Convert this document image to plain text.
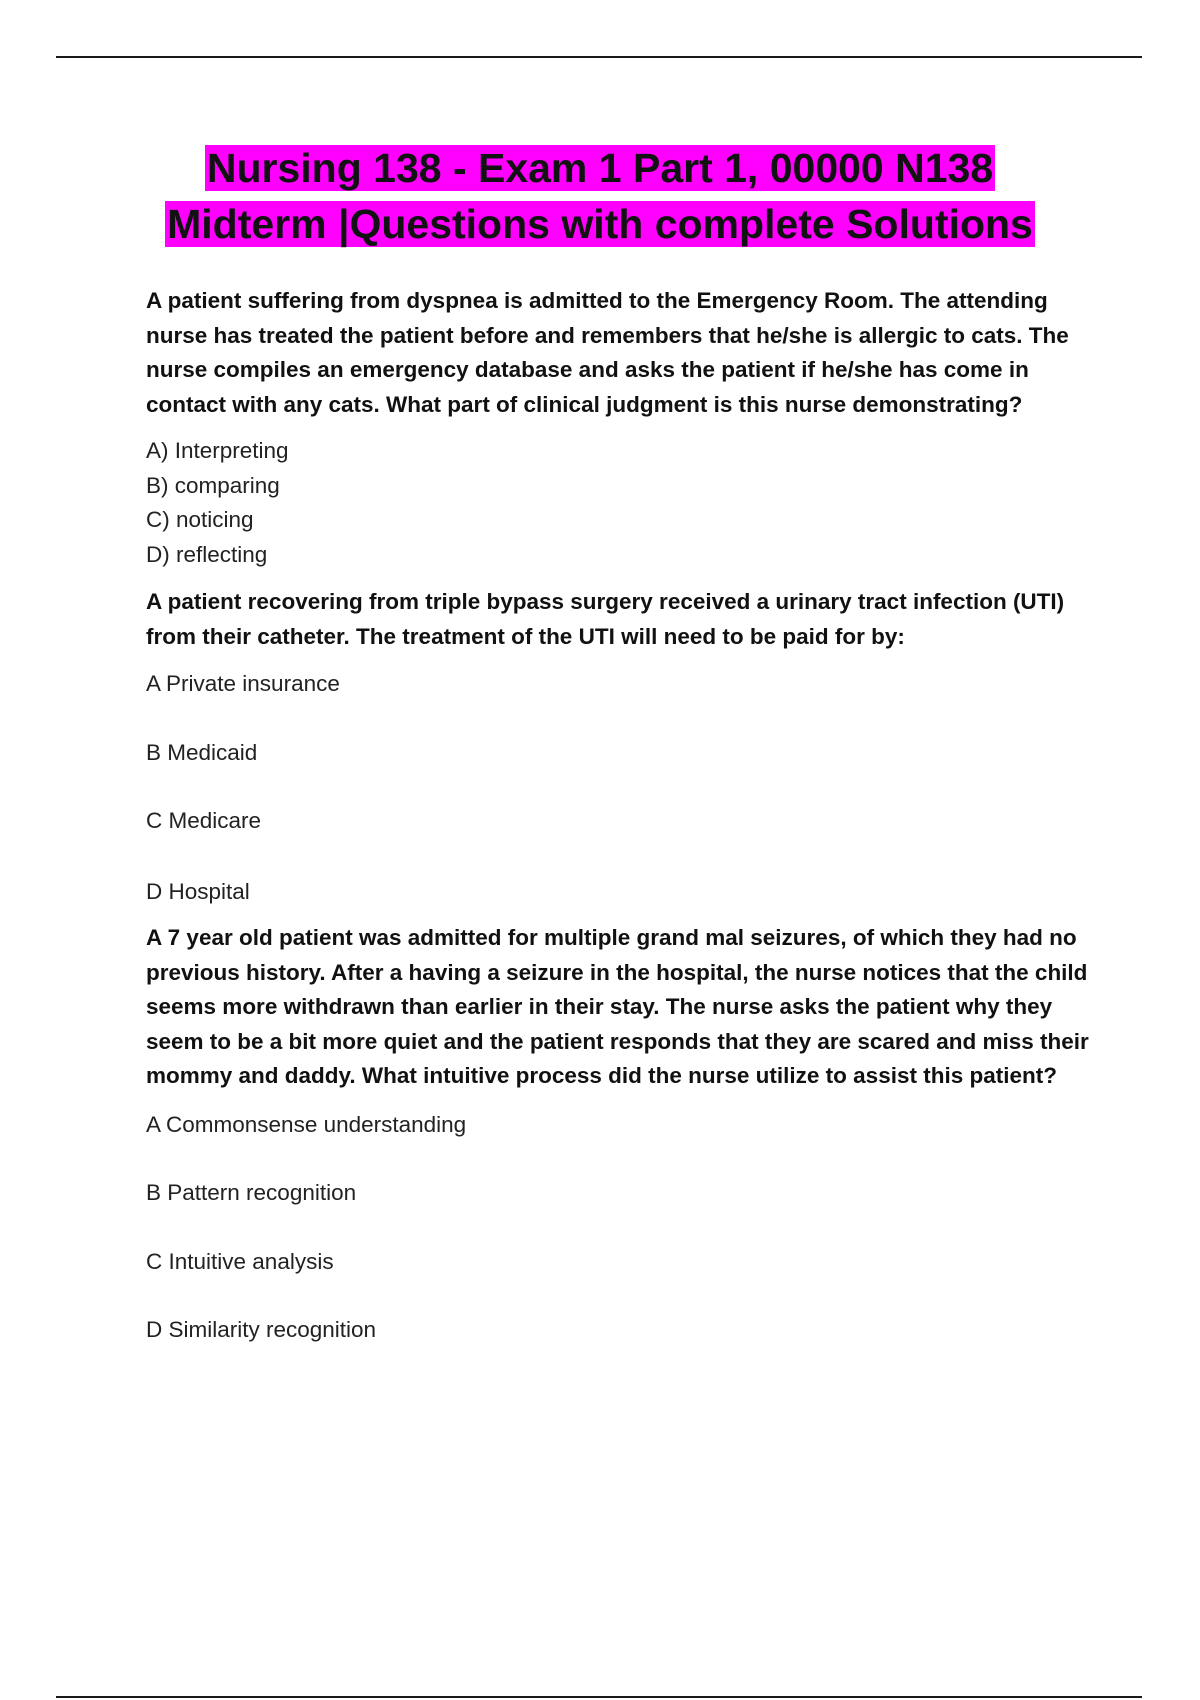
Nursing 138 - Exam 1 Part 1, 00000 N138
Midterm |Questions with complete Solutions

A patient suffering from dyspnea is admitted to the Emergency Room. The attending nurse has treated the patient before and remembers that he/she is allergic to cats. The nurse compiles an emergency database and asks the patient if he/she has come in contact with any cats. What part of clinical judgment is this nurse demonstrating?

A) Interpreting

B) comparing

C) noticing

D) reflecting

A patient recovering from triple bypass surgery received a urinary tract infection (UTI) from their catheter. The treatment of the UTI will need to be paid for by:

A Private insurance

B Medicaid

C Medicare

D Hospital

A 7 year old patient was admitted for multiple grand mal seizures, of which they had no previous history. After a having a seizure in the hospital, the nurse notices that the child seems more withdrawn than earlier in their stay. The nurse asks the patient why they seem to be a bit more quiet and the patient responds that they are scared and miss their mommy and daddy. What intuitive process did the nurse utilize to assist this patient?

A Commonsense understanding

B Pattern recognition

C Intuitive analysis

D Similarity recognition
